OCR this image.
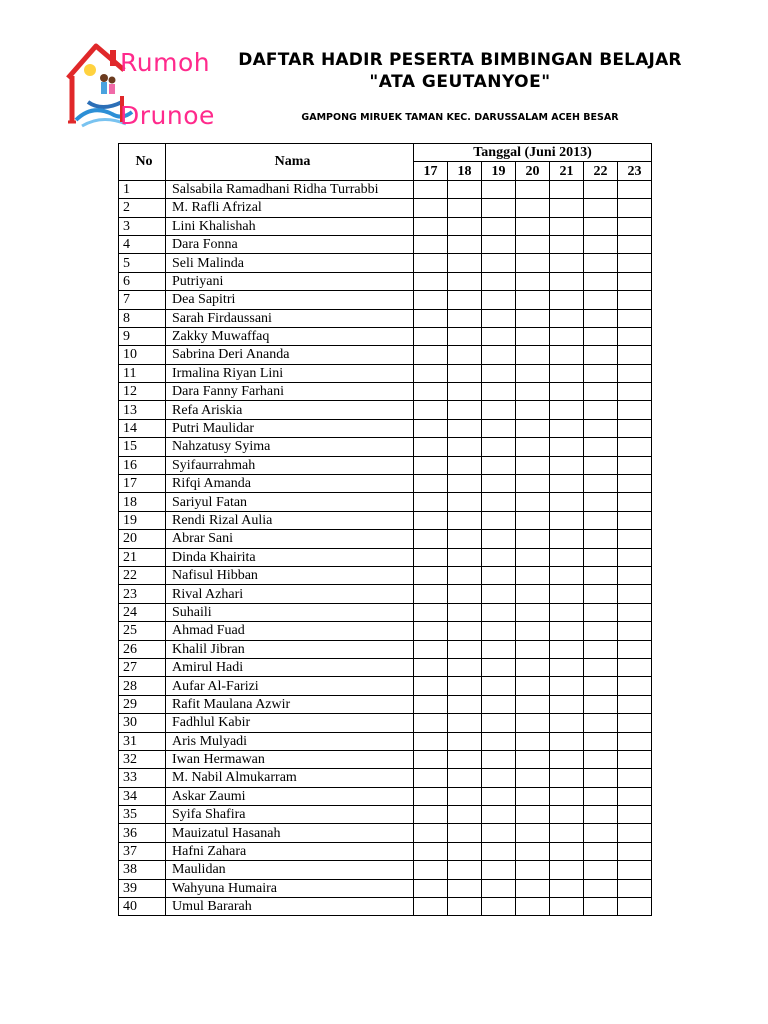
Rumoh
Drunoe
DAFTAR HADIR PESERTA BIMBINGAN BELAJAR
"ATA GEUTANYOE"
GAMPONG MIRUEK TAMAN KEC. DARUSSALAM ACEH BESAR
No	Nama	Tanggal (Juni 2013)						
		17	18	19	20	21	22	23
1	Salsabila Ramadhani Ridha Turrabbi							
2	M. Rafli Afrizal							
3	Lini Khalishah							
4	Dara Fonna							
5	Seli Malinda							
6	Putriyani							
7	Dea Sapitri							
8	Sarah Firdaussani							
9	Zakky Muwaffaq							
10	Sabrina Deri Ananda							
11	Irmalina Riyan Lini							
12	Dara Fanny Farhani							
13	Refa Ariskia							
14	Putri Maulidar							
15	Nahzatusy Syima							
16	Syifaurrahmah							
17	Rifqi Amanda							
18	Sariyul Fatan							
19	Rendi Rizal Aulia							
20	Abrar Sani							
21	Dinda Khairita							
22	Nafisul Hibban							
23	Rival Azhari							
24	Suhaili							
25	Ahmad Fuad							
26	Khalil Jibran							
27	Amirul Hadi							
28	Aufar Al-Farizi							
29	Rafit Maulana Azwir							
30	Fadhlul Kabir							
31	Aris Mulyadi							
32	Iwan Hermawan							
33	M. Nabil Almukarram							
34	Askar Zaumi							
35	Syifa Shafira							
36	Mauizatul Hasanah							
37	Hafni Zahara							
38	Maulidan							
39	Wahyuna Humaira							
40	Umul Bararah							
